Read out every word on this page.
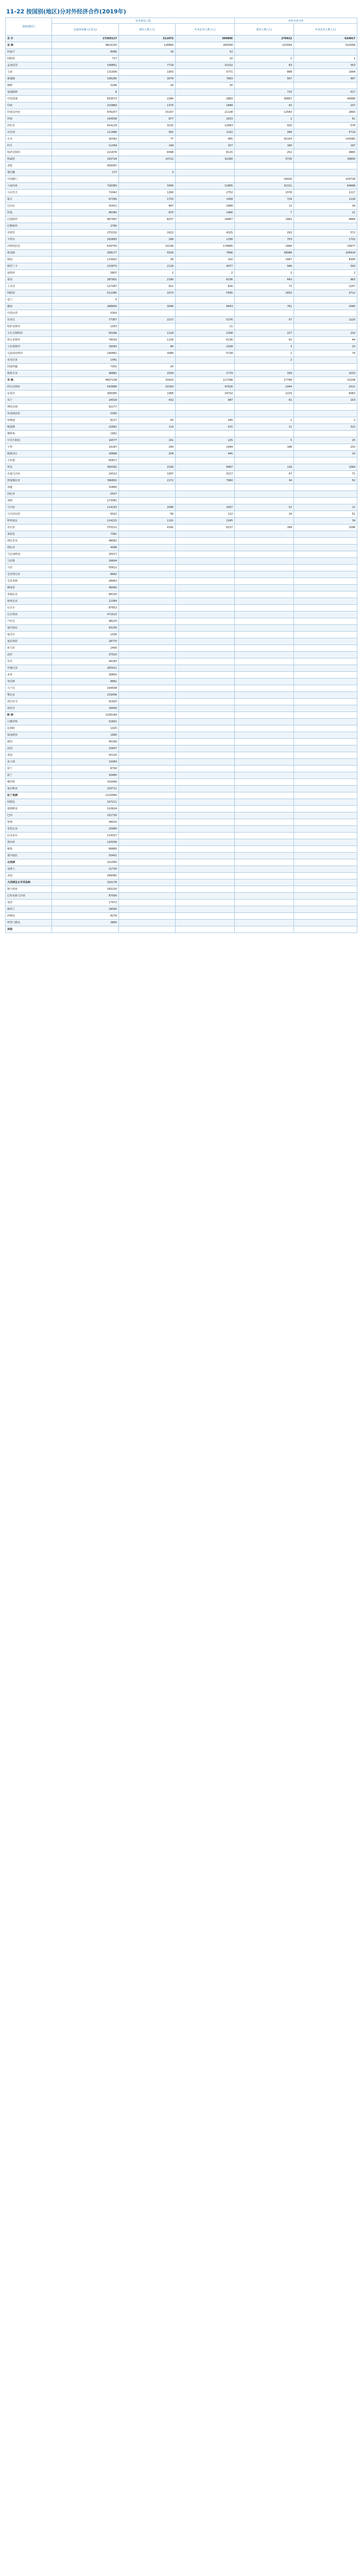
11-22 按国别(地区)分对外经济合作(2019年)
国别(地区)	对外承包工程			对外劳务合作	
	完成营业额 (万美元)	派出人数 (人)	年末在外人数 (人)	派出人数 (人)	年末在外人数 (人)
合 计	17293117	211472	369905	276912	624017
亚 洲	9814155	128669	205058	215549	510058
阿富汗	8066	16	52		
阿联酋	717		10	1	1
孟加拉国	336851	7719	15232	63	353
文莱	131936	1003	5771	888	1994
柬埔寨	196295	3074	7663	567	997
朝鲜	3296	29	30		
塞浦路斯	8			710	617
中国香港	833573	2284	2883	30667	40668
印度	215883	1370	1848	42	207
印度尼西亚	876257	15157	21138	12543	2843
伊朗	164558	877	2633	2	61
伊拉克	414119	3215	12943	420	578
以色列	111686	562	1152	346	5719
日本	30342	77	465	41324	143083
约旦	11349	149	157	180	197
哈萨克斯坦	221676	6568	8115	252	4865
科威特	320729	14712	32280	5730	39605
老挝	456097				
黎巴嫩	177	3			
中国澳门				16916	104728
马来西亚	726383	3405	11805	31311	64668
马尔代夫	72042	1260	2752	1576	1117
蒙古	67395	1753	1458	724	1126
尼泊尔	42421	847	1688	12	39
阿曼	86384	875	1466	7	21
巴基斯坦	967497	8237	16867	1682	4864
巴勒斯坦	2760				
菲律宾	275332	1623	4325	293	572
卡塔尔	163893	296	1336	753	1702
沙特阿拉伯	626750	10236	174685	1666	10677
新加坡	358177	5526	7666	39086	106418
韩国	123922	28	102	1667	8356
斯里兰卡	223673	2118	4077	946	593
叙利亚	5807	2	2	2	2
泰国	287901	2180	6236	643	863
土耳其	127367	621	826	71	1247
阿联酋	512285	3373	5595	1833	3712
也门	5				
越南	288600	3006	6643	761	2095
中国台湾	5303				
东帝汶	77367	2217	5276	57	1220
哈萨克斯坦	1053		21		
吉尔吉斯斯坦	50296	1129	2308	227	232
塔吉克斯坦	79016	1126	6136	41	44
土库曼斯坦	16063	84	1028	3	23
乌兹别克斯坦	190461	3089	5728	1	74
亚美尼亚	1041			2	
阿塞拜疆	7301	24			
格鲁吉亚	46881	2039	2779	339	2033
非 洲	4607238	33920	117398	17748	32208
阿尔及利亚	543896	10163	47526	1044	2311
安哥拉	306365	1958	19732	2215	6063
贝宁	24018	432	987	61	103
博茨瓦纳	92177				
布基纳法索	5300				
布隆迪	8217	93	245	2	2
喀麦隆	22661	110	415	11	322
佛得角	1952				
中非共和国	16577	201	225	5	25
乍得	16187	249	1444	188	203
刚果(布)	26868	204	445		14
吉布提	60817				
埃及	393302	2316	6467	118	1064
赤道几内亚	24312	1007	3217	47	71
埃塞俄比亚	396802	2172	7960	34	52
加蓬	32860				
冈比亚	5427				
加纳	173081				
几内亚	114153	2046	2937	52	11
几内亚比绍	6022	56	112	24	51
科特迪瓦	114215	1101	2245		34
肯尼亚	370211	4142	6237	184	1096
莱索托	7361				
利比里亚	48082				
利比亚	4096				
马达加斯加	35017				
马拉维	26604				
马里	55612				
毛里塔尼亚	8662				
毛里求斯	28963				
摩洛哥	46060				
莫桑比克	89130				
纳米比亚	21364				
尼日尔	87652				
尼日利亚	471013				
卢旺达	48225				
塞内加尔	93105				
塞舌尔	1026				
塞拉利昂	28770				
索马里	2400				
南非	37520				
苏丹	44183				
坦桑尼亚	265411				
多哥	36800				
突尼斯	8661				
乌干达	164508				
赞比亚	219406				
津巴布韦	41920				
南苏丹	29400				
欧 洲	1106149				
白俄罗斯	52601				
比利时	1025				
保加利亚	1900				
德国	40166				
法国	23607				
英国	50120				
意大利	15083				
荷兰	8700				
波兰	30480				
俄罗斯	333566				
塞尔维亚	105711				
拉丁美洲	1133560				
阿根廷	107211				
玻利维亚	110624				
巴西	101730				
智利	49025				
哥伦比亚	20980				
厄瓜多尔	114327				
墨西哥	120036				
秘鲁	86880				
委内瑞拉	55401				
北美洲	321065				
加拿大	21700				
美国	299365				
大洋洲及太平洋岛屿	320178				
澳大利亚	183230				
巴布亚新几内亚	87000				
斐济	17472				
新西兰	18000				
萨摩亚	8276				
所罗门群岛	3800				
其他					
